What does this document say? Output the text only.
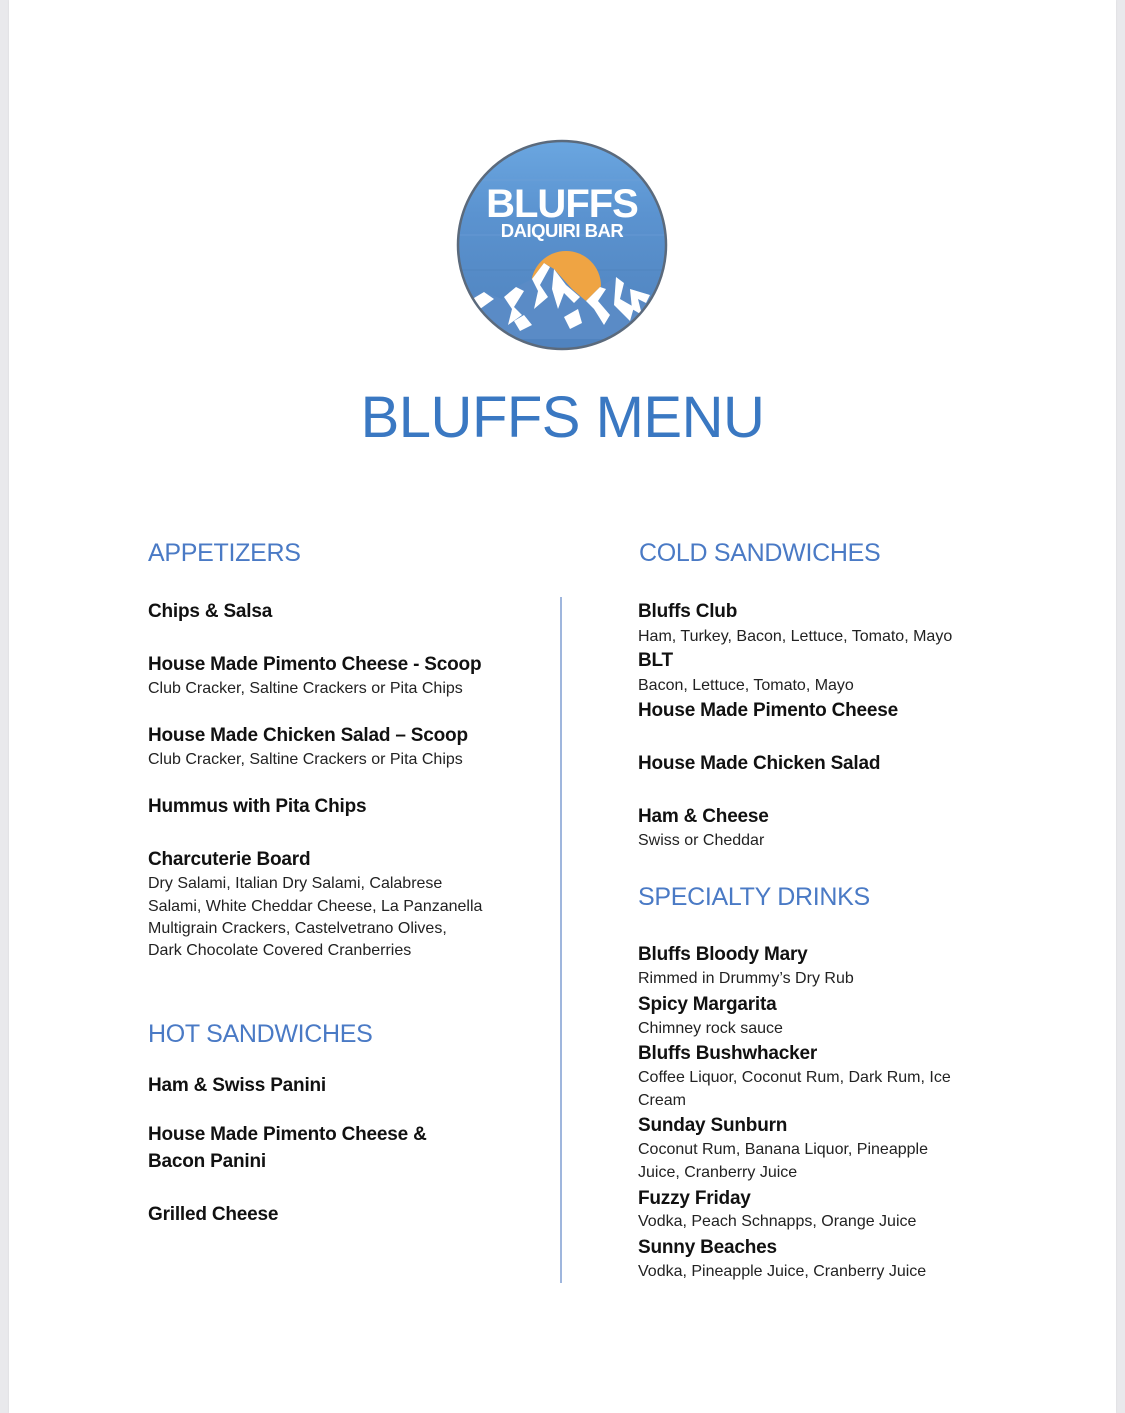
BLUFFS
DAIQUIRI BAR
BLUFFS MENU
APPETIZERS
Chips & Salsa
House Made Pimento Cheese - Scoop
Club Cracker, Saltine Crackers or Pita Chips
House Made Chicken Salad – Scoop
Club Cracker, Saltine Crackers or Pita Chips
Hummus with Pita Chips
Charcuterie Board
Dry Salami, Italian Dry Salami, Calabrese
Salami, White Cheddar Cheese, La Panzanella
Multigrain Crackers, Castelvetrano Olives,
Dark Chocolate Covered Cranberries
HOT SANDWICHES
Ham & Swiss Panini
House Made Pimento Cheese &
Bacon Panini
Grilled Cheese
COLD SANDWICHES
Bluffs Club
Ham, Turkey, Bacon, Lettuce, Tomato, Mayo
BLT
Bacon, Lettuce, Tomato, Mayo
House Made Pimento Cheese
House Made Chicken Salad
Ham & Cheese
Swiss or Cheddar
SPECIALTY DRINKS
Bluffs Bloody Mary
Rimmed in Drummy’s Dry Rub
Spicy Margarita
Chimney rock sauce
Bluffs Bushwhacker
Coffee Liquor, Coconut Rum, Dark Rum, Ice
Cream
Sunday Sunburn
Coconut Rum, Banana Liquor, Pineapple
Juice, Cranberry Juice
Fuzzy Friday
Vodka, Peach Schnapps, Orange Juice
Sunny Beaches
Vodka, Pineapple Juice, Cranberry Juice
